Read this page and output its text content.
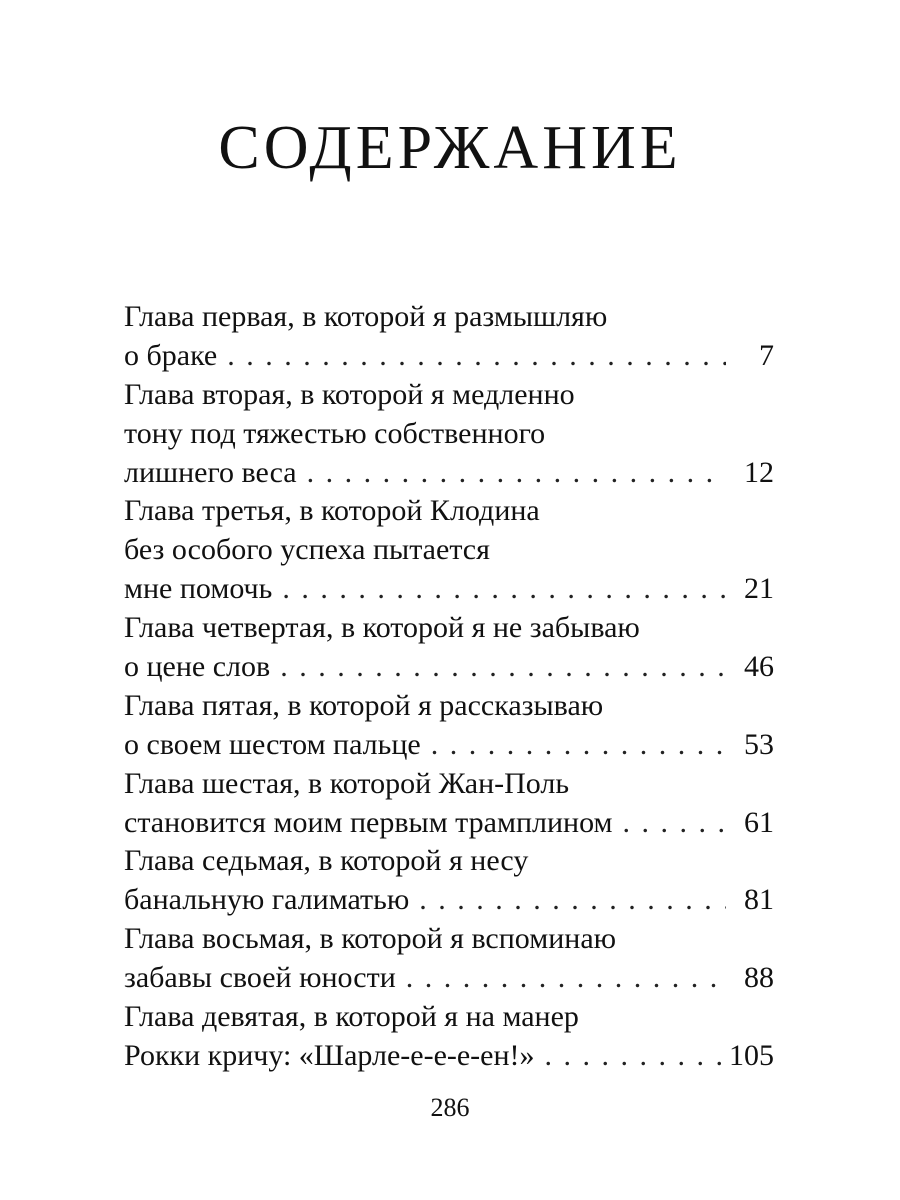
СОДЕРЖАНИЕ
Глава первая, в которой я размышляю
о браке . . .	7
Глава вторая, в которой я медленно
тону под тяжестью собственного
лишнего веса . . .	12
Глава третья, в которой Клодина
без особого успеха пытается
мне помочь . . .	21
Глава четвертая, в которой я не забываю
о цене слов . . .	46
Глава пятая, в которой я рассказываю
о своем шестом пальце . . .	53
Глава шестая, в которой Жан-Поль
становится моим первым трамплином . . .	61
Глава седьмая, в которой я несу
банальную галиматью . . .	81
Глава восьмая, в которой я вспоминаю
забавы своей юности . . .	88
Глава девятая, в которой я на манер
Рокки кричу: «Шарле-е-е-е-ен!» . . .	105
286
